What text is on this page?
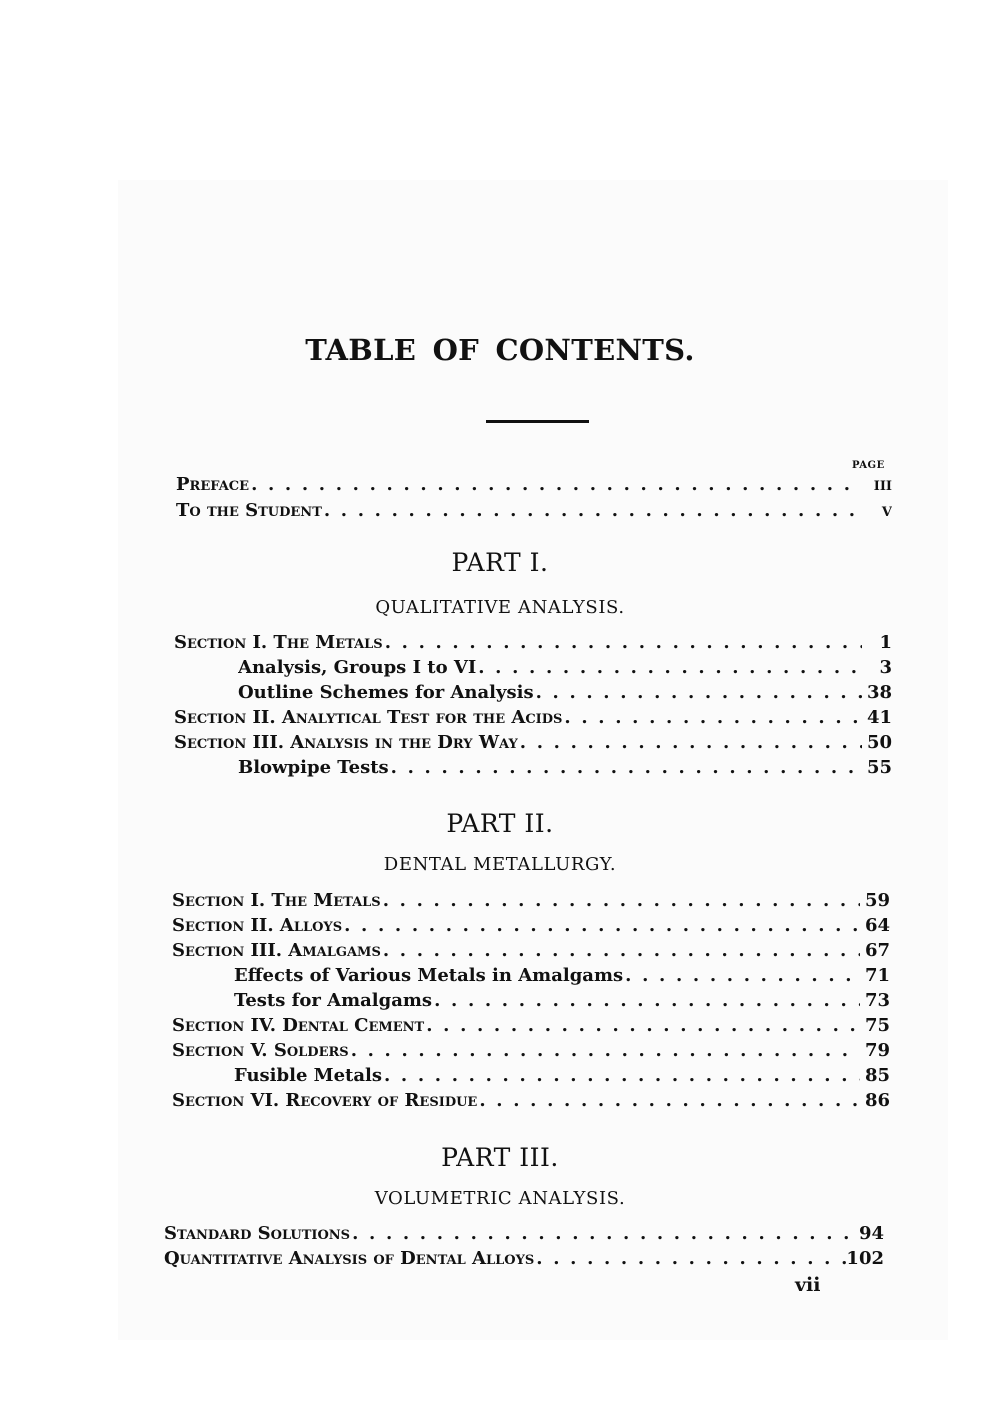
TABLE OF CONTENTS.
PAGE
Preface . . .	iii
To the Student . . .	v
PART I.
QUALITATIVE ANALYSIS.
Section I. The Metals . . .	1
Analysis, Groups I to VI . . .	3
Outline Schemes for Analysis . . .	38
Section II. Analytical Test for the Acids . . .	41
Section III. Analysis in the Dry Way . . .	50
Blowpipe Tests . . .	55
PART II.
DENTAL METALLURGY.
Section I. The Metals . . .	59
Section II. Alloys . . .	64
Section III. Amalgams . . .	67
Effects of Various Metals in Amalgams . . .	71
Tests for Amalgams . . .	73
Section IV. Dental Cement . . .	75
Section V. Solders . . .	79
Fusible Metals . . .	85
Section VI. Recovery of Residue . . .	86
PART III.
VOLUMETRIC ANALYSIS.
Standard Solutions . . .	94
Quantitative Analysis of Dental Alloys . . .	102
vii
